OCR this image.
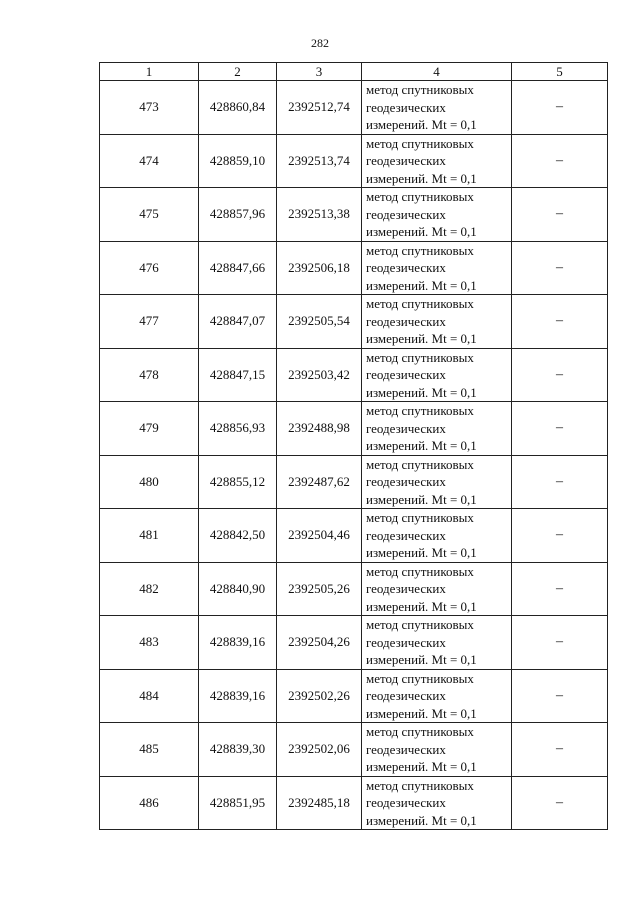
282
1	2	3	4	5
473	428860,84	2392512,74	метод спутниковых
геодезических
измерений. Mt = 0,1	–
474	428859,10	2392513,74	метод спутниковых
геодезических
измерений. Mt = 0,1	–
475	428857,96	2392513,38	метод спутниковых
геодезических
измерений. Mt = 0,1	–
476	428847,66	2392506,18	метод спутниковых
геодезических
измерений. Mt = 0,1	–
477	428847,07	2392505,54	метод спутниковых
геодезических
измерений. Mt = 0,1	–
478	428847,15	2392503,42	метод спутниковых
геодезических
измерений. Mt = 0,1	–
479	428856,93	2392488,98	метод спутниковых
геодезических
измерений. Mt = 0,1	–
480	428855,12	2392487,62	метод спутниковых
геодезических
измерений. Mt = 0,1	–
481	428842,50	2392504,46	метод спутниковых
геодезических
измерений. Mt = 0,1	–
482	428840,90	2392505,26	метод спутниковых
геодезических
измерений. Mt = 0,1	–
483	428839,16	2392504,26	метод спутниковых
геодезических
измерений. Mt = 0,1	–
484	428839,16	2392502,26	метод спутниковых
геодезических
измерений. Mt = 0,1	–
485	428839,30	2392502,06	метод спутниковых
геодезических
измерений. Mt = 0,1	–
486	428851,95	2392485,18	метод спутниковых
геодезических
измерений. Mt = 0,1	–
